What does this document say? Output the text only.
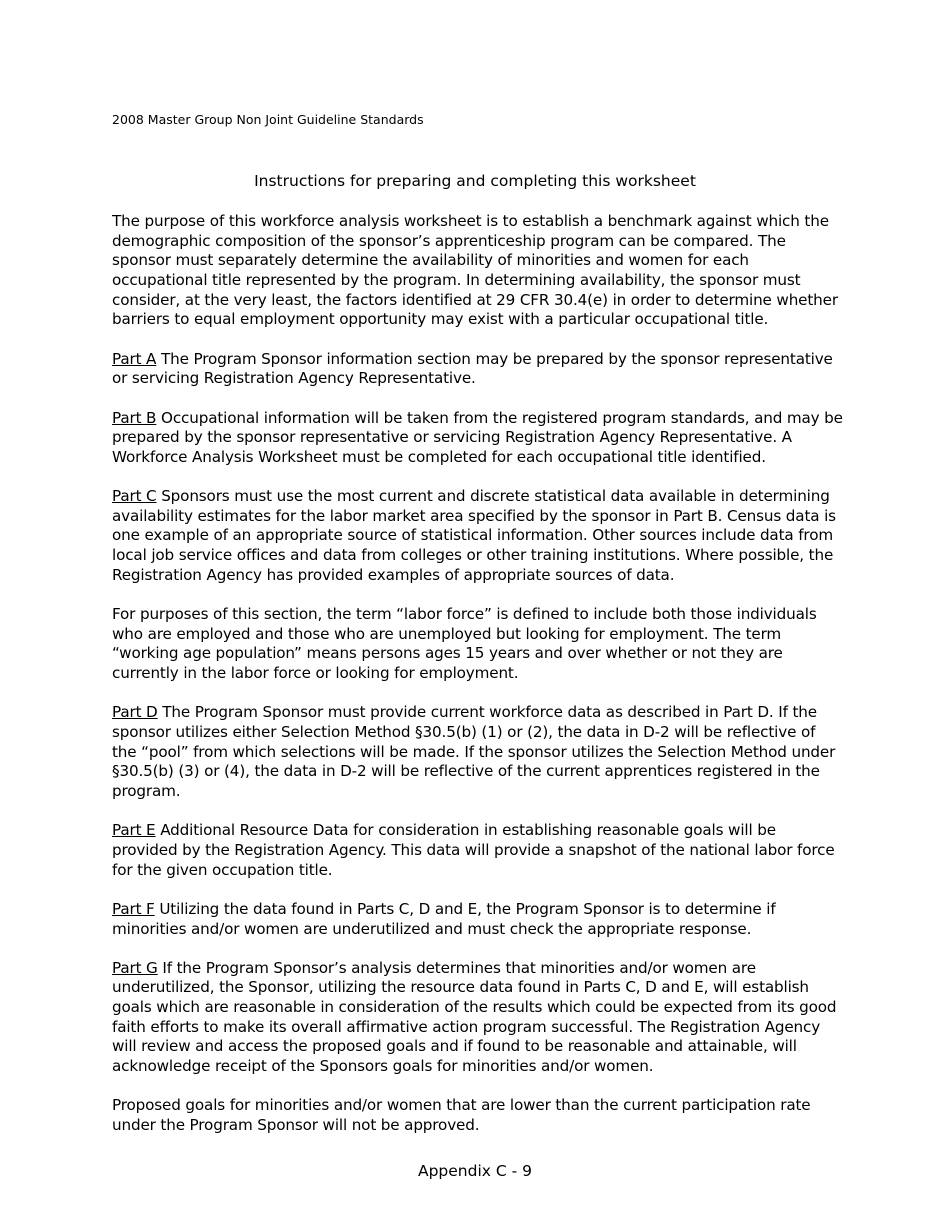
2008 Master Group Non Joint Guideline Standards
Instructions for preparing and completing this worksheet

The purpose of this workforce analysis worksheet is to establish a benchmark against which the demographic composition of the sponsor’s apprenticeship program can be compared. The sponsor must separately determine the availability of minorities and women for each occupational title represented by the program. In determining availability, the sponsor must consider, at the very least, the factors identified at 29 CFR 30.4(e) in order to determine whether barriers to equal employment opportunity may exist with a particular occupational title.

Part A The Program Sponsor information section may be prepared by the sponsor representative or servicing Registration Agency Representative.

Part B Occupational information will be taken from the registered program standards, and may be prepared by the sponsor representative or servicing Registration Agency Representative. A Workforce Analysis Worksheet must be completed for each occupational title identified.

Part C Sponsors must use the most current and discrete statistical data available in determining availability estimates for the labor market area specified by the sponsor in Part B. Census data is one example of an appropriate source of statistical information. Other sources include data from local job service offices and data from colleges or other training institutions. Where possible, the Registration Agency has provided examples of appropriate sources of data.

For purposes of this section, the term “labor force” is defined to include both those individuals who are employed and those who are unemployed but looking for employment. The term “working age population” means persons ages 15 years and over whether or not they are currently in the labor force or looking for employment.

Part D The Program Sponsor must provide current workforce data as described in Part D. If the sponsor utilizes either Selection Method §30.5(b) (1) or (2), the data in D-2 will be reflective of the “pool” from which selections will be made. If the sponsor utilizes the Selection Method under §30.5(b) (3) or (4), the data in D-2 will be reflective of the current apprentices registered in the program.

Part E Additional Resource Data for consideration in establishing reasonable goals will be provided by the Registration Agency. This data will provide a snapshot of the national labor force for the given occupation title.

Part F Utilizing the data found in Parts C, D and E, the Program Sponsor is to determine if minorities and/or women are underutilized and must check the appropriate response.

Part G If the Program Sponsor’s analysis determines that minorities and/or women are underutilized, the Sponsor, utilizing the resource data found in Parts C, D and E, will establish goals which are reasonable in consideration of the results which could be expected from its good faith efforts to make its overall affirmative action program successful. The Registration Agency will review and access the proposed goals and if found to be reasonable and attainable, will acknowledge receipt of the Sponsors goals for minorities and/or women.

Proposed goals for minorities and/or women that are lower than the current participation rate under the Program Sponsor will not be approved.

Appendix C - 9
